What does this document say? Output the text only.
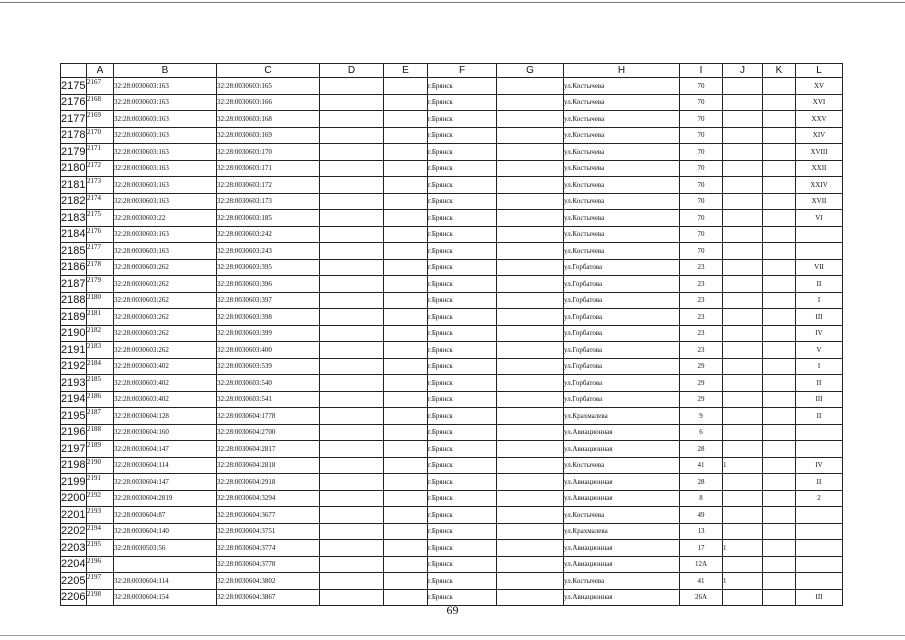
	A	B	C	D	E	F	G	H	I	J	K	L
2175	2167	32:28:0030603:163	32:28:0030603:165			г.Брянск		ул.Костычева	70			XV
2176	2168	32:28:0030603:163	32:28:0030603:166			г.Брянск		ул.Костычева	70			XVI
2177	2169	32:28:0030603:163	32:28:0030603:168			г.Брянск		ул.Костычева	70			XXV
2178	2170	32:28:0030603:163	32:28:0030603:169			г.Брянск		ул.Костычева	70			XIV
2179	2171	32:28:0030603:163	32:28:0030603:170			г.Брянск		ул.Костычева	70			XVIII
2180	2172	32:28:0030603:163	32:28:0030603:171			г.Брянск		ул.Костычева	70			XXII
2181	2173	32:28:0030603:163	32:28:0030603:172			г.Брянск		ул.Костычева	70			XXIV
2182	2174	32:28:0030603:163	32:28:0030603:173			г.Брянск		ул.Костычева	70			XVII
2183	2175	32:28:0030603:22	32:28:0030603:185			г.Брянск		ул.Костычева	70			VI
2184	2176	32:28:0030603:163	32:28:0030603:242			г.Брянск		ул.Костычева	70			
2185	2177	32:28:0030603:163	32:28:0030603:243			г.Брянск		ул.Костычева	70			
2186	2178	32:28:0030603:262	32:28:0030603:395			г.Брянск		ул.Горбатова	23			VII
2187	2179	32:28:0030603:262	32:28:0030603:396			г.Брянск		ул.Горбатова	23			II
2188	2180	32:28:0030603:262	32:28:0030603:397			г.Брянск		ул.Горбатова	23			I
2189	2181	32:28:0030603:262	32:28:0030603:398			г.Брянск		ул.Горбатова	23			III
2190	2182	32:28:0030603:262	32:28:0030603:399			г.Брянск		ул.Горбатова	23			IV
2191	2183	32:28:0030603:262	32:28:0030603:400			г.Брянск		ул.Горбатова	23			V
2192	2184	32:28:0030603:402	32:28:0030603:539			г.Брянск		ул.Горбатова	29			I
2193	2185	32:28:0030603:402	32:28:0030603:540			г.Брянск		ул.Горбатова	29			II
2194	2186	32:28:0030603:402	32:28:0030603:541			г.Брянск		ул.Горбатова	29			III
2195	2187	32:28:0030604:128	32:28:0030604:1778			г.Брянск		ул.Крахмалева	9			II
2196	2188	32:28:0030604:160	32:28:0030604:2700			г.Брянск		ул.Авиационная	6			
2197	2189	32:28:0030604:147	32:28:0030604:2817			г.Брянск		ул.Авиационная	28			
2198	2190	32:28:0030604:114	32:28:0030604:2818			г.Брянск		ул.Костычева	41	1		IV
2199	2191	32:28:0030604:147	32:28:0030604:2918			г.Брянск		ул.Авиационная	28			II
2200	2192	32:28:0030604:2819	32:28:0030604:3294			г.Брянск		ул.Авиационная	8			2
2201	2193	32:28:0030604:87	32:28:0030604:3677			г.Брянск		ул.Костычева	49			
2202	2194	32:28:0030604:140	32:28:0030604:3751			г.Брянск		ул.Крахмалева	13			
2203	2195	32:28:0030503:56	32:28:0030604:3774			г.Брянск		ул.Авиационная	17	1		
2204	2196		32:28:0030604:3778			г.Брянск		ул.Авиационная	12А			
2205	2197	32:28:0030604:114	32:28:0030604:3802			г.Брянск		ул.Костычева	41	1		
2206	2198	32:28:0030604:154	32:28:0030604:3867			г.Брянск		ул.Авиационная	26А			III
69
